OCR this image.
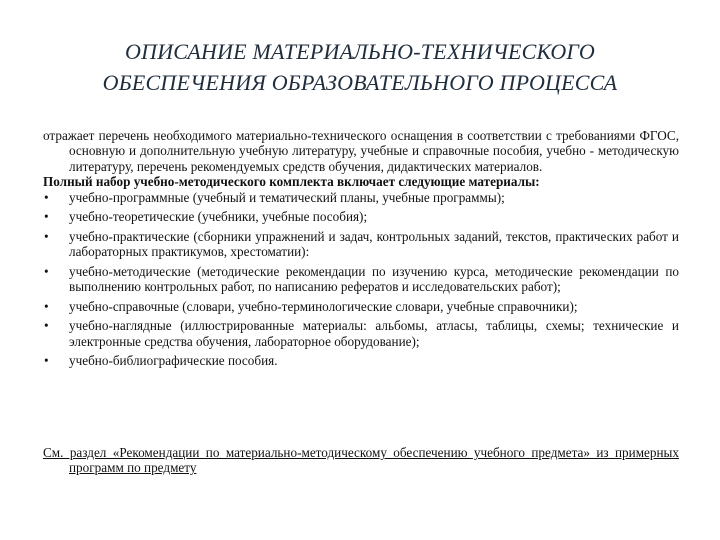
ОПИСАНИЕ МАТЕРИАЛЬНО-ТЕХНИЧЕСКОГО
ОБЕСПЕЧЕНИЯ ОБРАЗОВАТЕЛЬНОГО ПРОЦЕССА

отражает перечень необходимого материально-технического оснащения в соответствии с требованиями ФГОС, основную и дополнительную учебную литературу, учебные и справочные пособия, учебно - методическую литературу, перечень рекомендуемых средств обучения, дидактических материалов.

Полный набор учебно-методического комплекта включает следующие материалы:

• учебно-программные (учебный и тематический планы, учебные программы);
• учебно-теоретические (учебники, учебные пособия);
• учебно-практические (сборники упражнений и задач, контрольных заданий, текстов, практических работ и лабораторных практикумов, хрестоматии):
• учебно-методические (методические рекомендации по изучению курса, методические рекомендации по выполнению контрольных работ, по написанию рефератов и исследовательских работ);
• учебно-справочные (словари, учебно-терминологические словари, учебные справочники);
• учебно-наглядные (иллюстрированные материалы: альбомы, атласы, таблицы, схемы; технические и электронные средства обучения, лабораторное оборудование);
• учебно-библиографические пособия.
См. раздел «Рекомендации по материально-методическому обеспечению учебного предмета» из примерных программ по предмету
